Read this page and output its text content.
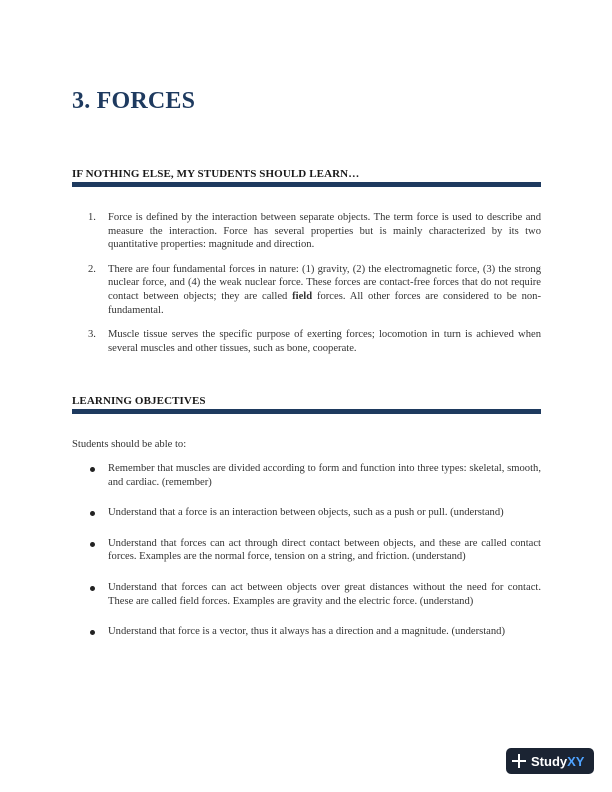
3. FORCES
IF NOTHING ELSE, MY STUDENTS SHOULD LEARN…
1. Force is defined by the interaction between separate objects. The term force is used to describe and measure the interaction. Force has several properties but is mainly characterized by its two quantitative properties: magnitude and direction.
2. There are four fundamental forces in nature: (1) gravity, (2) the electromagnetic force, (3) the strong nuclear force, and (4) the weak nuclear force. These forces are contact-free forces that do not require contact between objects; they are called field forces. All other forces are considered to be non-fundamental.
3. Muscle tissue serves the specific purpose of exerting forces; locomotion in turn is achieved when several muscles and other tissues, such as bone, cooperate.
LEARNING OBJECTIVES

Students should be able to:

Remember that muscles are divided according to form and function into three types: skeletal, smooth, and cardiac. (remember)
Understand that a force is an interaction between objects, such as a push or pull. (understand)
Understand that forces can act through direct contact between objects, and these are called contact forces. Examples are the normal force, tension on a string, and friction. (understand)
Understand that forces can act between objects over great distances without the need for contact. These are called field forces. Examples are gravity and the electric force. (understand)
Understand that force is a vector, thus it always has a direction and a magnitude. (understand)
Study XY
